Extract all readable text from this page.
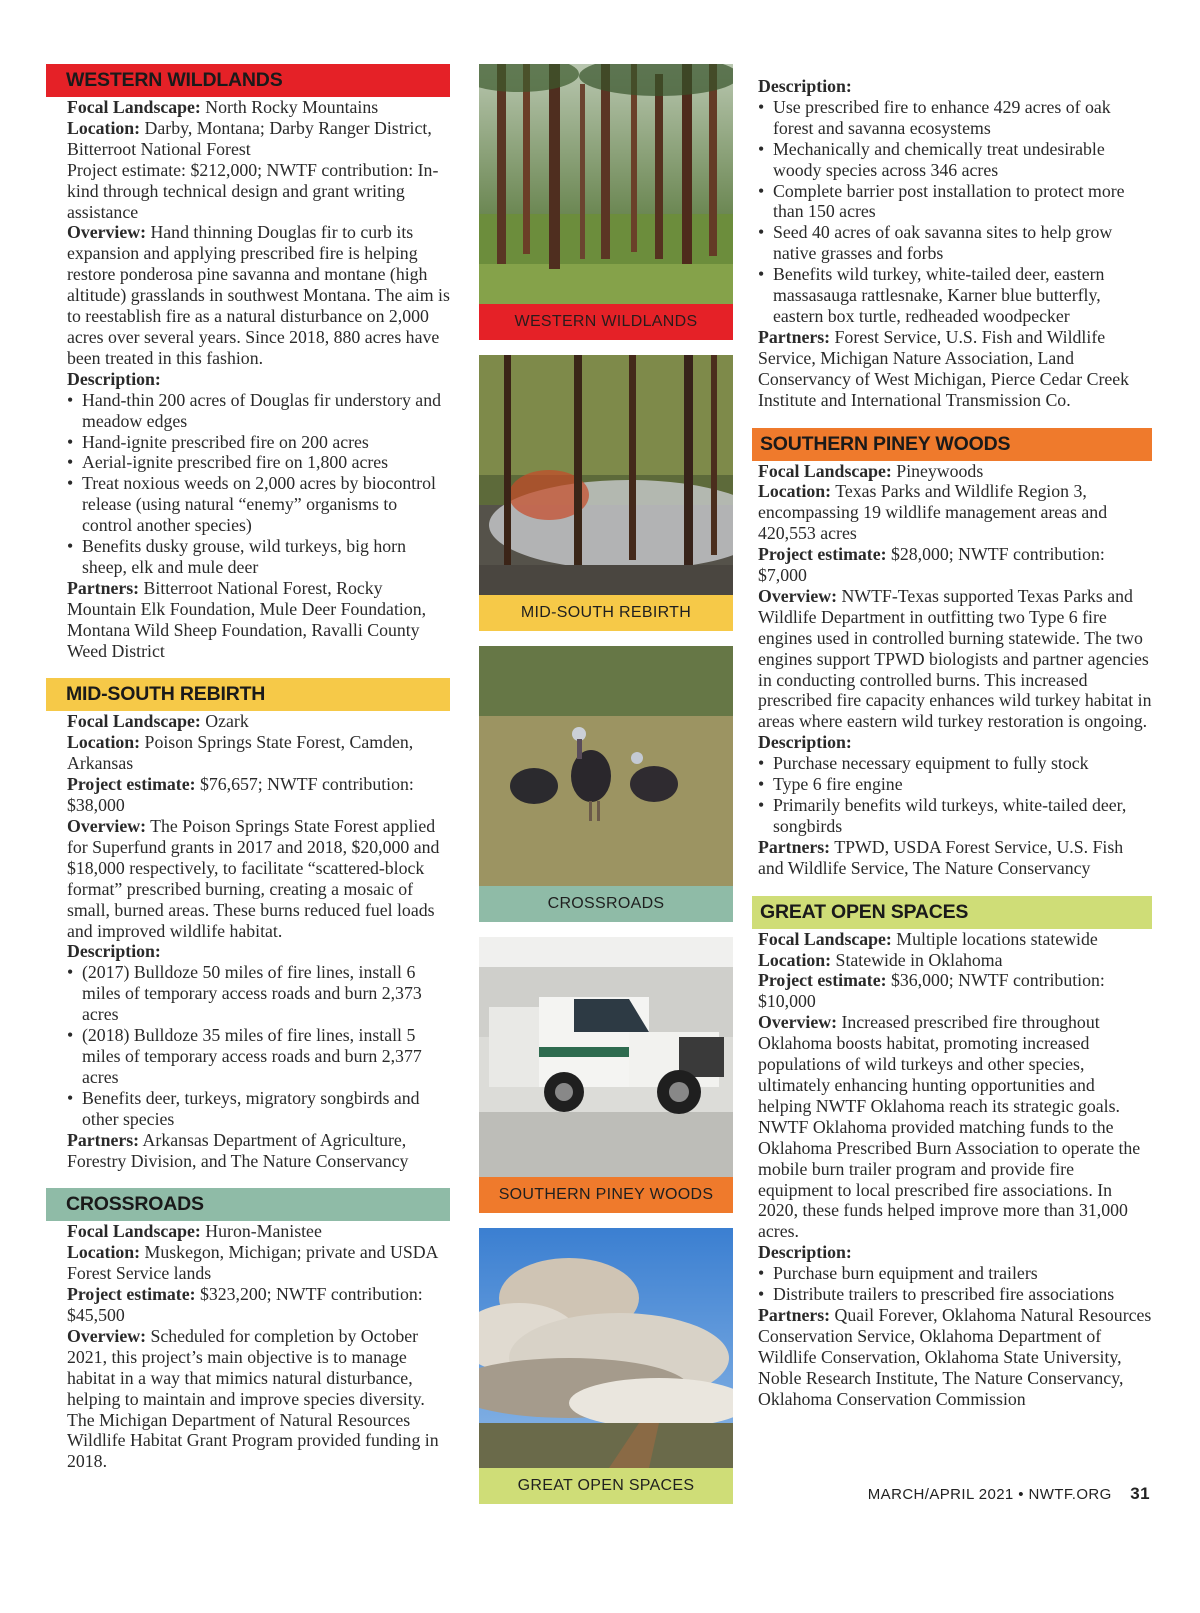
WESTERN WILDLANDS

Focal Landscape: North Rocky Mountains

Location: Darby, Montana; Darby Ranger District, Bitterroot National Forest

Project estimate: $212,000; NWTF contribution: In-kind through technical design and grant writing assistance

Overview: Hand thinning Douglas fir to curb its expansion and applying prescribed fire is helping restore ponderosa pine savanna and montane (high altitude) grasslands in southwest Montana. The aim is to reestablish fire as a natural disturbance on 2,000 acres over several years. Since 2018, 880 acres have been treated in this fashion.

Description:

• Hand-thin 200 acres of Douglas fir understory and meadow edges
• Hand-ignite prescribed fire on 200 acres
• Aerial-ignite prescribed fire on 1,800 acres
• Treat noxious weeds on 2,000 acres by biocontrol release (using natural “enemy” organisms to control another species)
• Benefits dusky grouse, wild turkeys, big horn sheep, elk and mule deer

Partners: Bitterroot National Forest, Rocky Mountain Elk Foundation, Mule Deer Foundation, Montana Wild Sheep Foundation, Ravalli County Weed District

MID-SOUTH REBIRTH

Focal Landscape: Ozark

Location: Poison Springs State Forest, Camden, Arkansas

Project estimate: $76,657; NWTF contribution: $38,000

Overview: The Poison Springs State Forest applied for Superfund grants in 2017 and 2018, $20,000 and $18,000 respectively, to facilitate “scattered-block format” prescribed burning, creating a mosaic of small, burned areas. These burns reduced fuel loads and improved wildlife habitat.

Description:

• (2017) Bulldoze 50 miles of fire lines, install 6 miles of temporary access roads and burn 2,373 acres
• (2018) Bulldoze 35 miles of fire lines, install 5 miles of temporary access roads and burn 2,377 acres
• Benefits deer, turkeys, migratory songbirds and other species

Partners: Arkansas Department of Agriculture, Forestry Division, and The Nature Conservancy

CROSSROADS

Focal Landscape: Huron-Manistee

Location: Muskegon, Michigan; private and USDA Forest Service lands

Project estimate: $323,200; NWTF contribution: $45,500

Overview: Scheduled for completion by October 2021, this project’s main objective is to manage habitat in a way that mimics natural disturbance, helping to maintain and improve species diversity. The Michigan Department of Natural Resources Wildlife Habitat Grant Program provided funding in 2018.

WESTERN WILDLANDS
MID-SOUTH REBIRTH
CROSSROADS
SOUTHERN PINEY WOODS
GREAT OPEN SPACES

Description:

• Use prescribed fire to enhance 429 acres of oak forest and savanna ecosystems
• Mechanically and chemically treat undesirable woody species across 346 acres
• Complete barrier post installation to protect more than 150 acres
• Seed 40 acres of oak savanna sites to help grow native grasses and forbs
• Benefits wild turkey, white-tailed deer, eastern massasauga rattlesnake, Karner blue butterfly, eastern box turtle, redheaded woodpecker

Partners: Forest Service, U.S. Fish and Wildlife Service, Michigan Nature Association, Land Conservancy of West Michigan, Pierce Cedar Creek Institute and International Transmission Co.

SOUTHERN PINEY WOODS

Focal Landscape: Pineywoods

Location: Texas Parks and Wildlife Region 3, encompassing 19 wildlife management areas and 420,553 acres

Project estimate: $28,000; NWTF contribution: $7,000

Overview: NWTF-Texas supported Texas Parks and Wildlife Department in outfitting two Type 6 fire engines used in controlled burning statewide. The two engines support TPWD biologists and partner agencies in conducting controlled burns. This increased prescribed fire capacity enhances wild turkey habitat in areas where eastern wild turkey restoration is ongoing.

Description:

• Purchase necessary equipment to fully stock
• Type 6 fire engine
• Primarily benefits wild turkeys, white-tailed deer, songbirds

Partners: TPWD, USDA Forest Service, U.S. Fish and Wildlife Service, The Nature Conservancy

GREAT OPEN SPACES

Focal Landscape: Multiple locations statewide

Location: Statewide in Oklahoma

Project estimate: $36,000; NWTF contribution: $10,000

Overview: Increased prescribed fire throughout Oklahoma boosts habitat, promoting increased populations of wild turkeys and other species, ultimately enhancing hunting opportunities and helping NWTF Oklahoma reach its strategic goals. NWTF Oklahoma provided matching funds to the Oklahoma Prescribed Burn Association to operate the mobile burn trailer program and provide fire equipment to local prescribed fire associations. In 2020, these funds helped improve more than 31,000 acres.

Description:

• Purchase burn equipment and trailers
• Distribute trailers to prescribed fire associations

Partners: Quail Forever, Oklahoma Natural Resources Conservation Service, Oklahoma Department of Wildlife Conservation, Oklahoma State University, Noble Research Institute, The Nature Conservancy, Oklahoma Conservation Commission

MARCH/APRIL 2021 • NWTF.ORG 31
